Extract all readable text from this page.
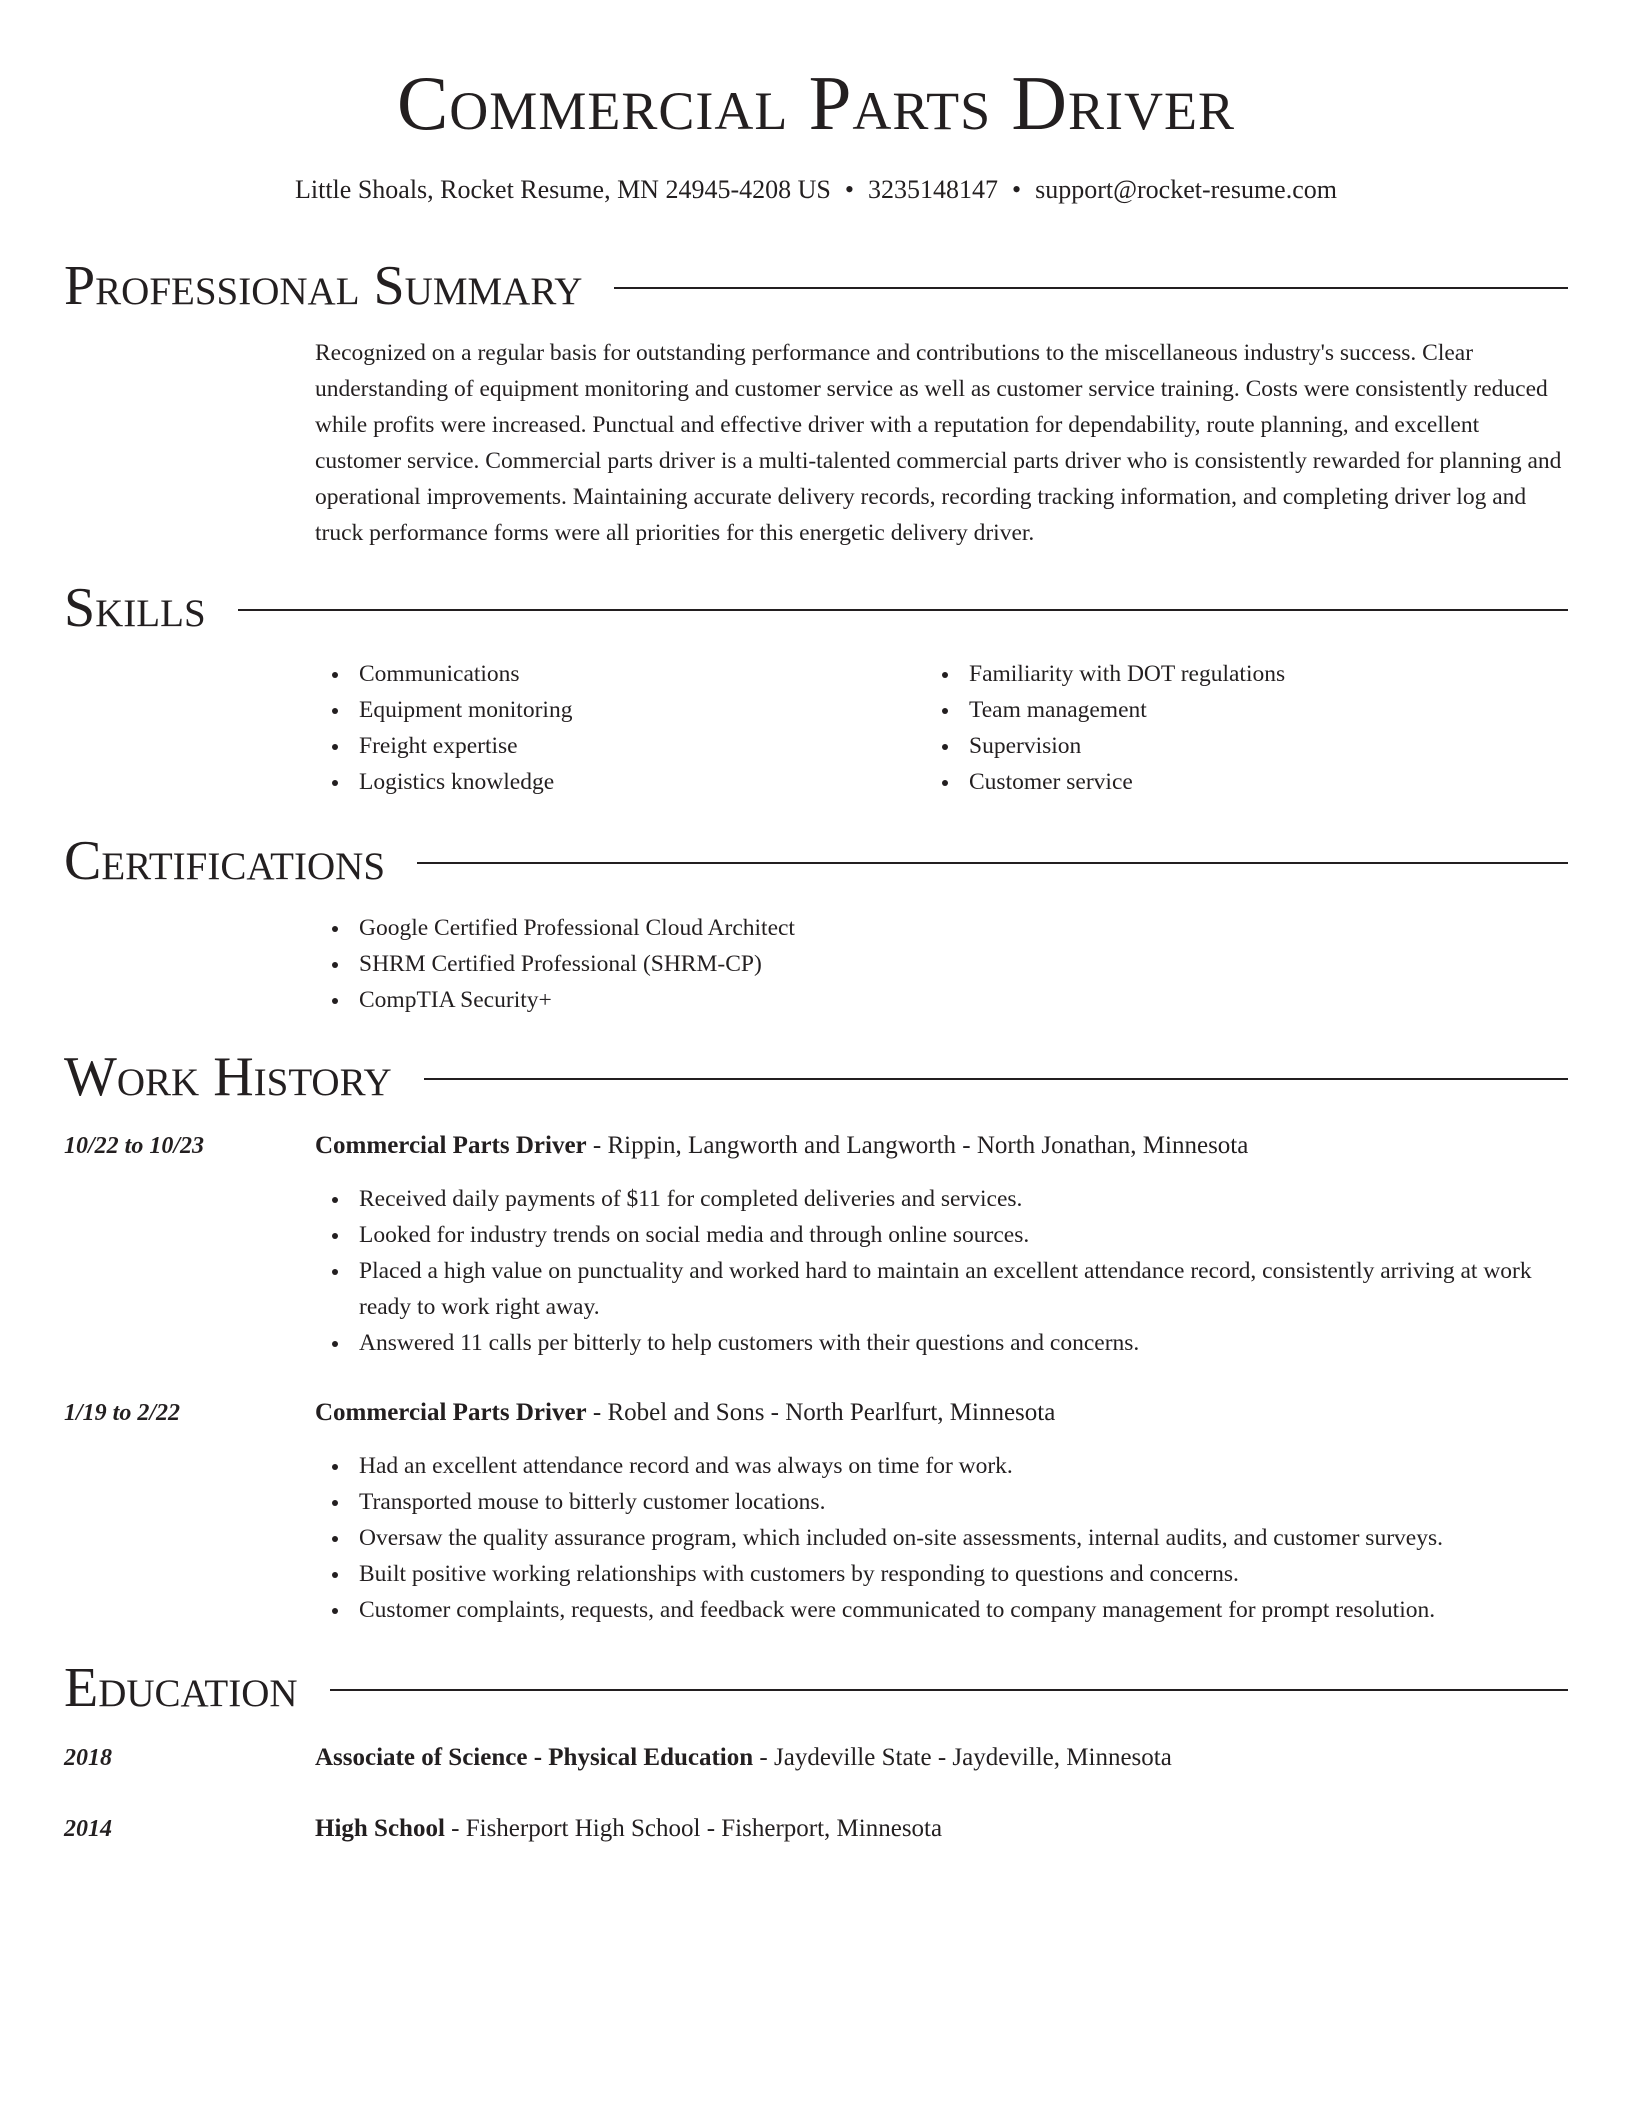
Commercial Parts Driver
Little Shoals, Rocket Resume, MN 24945-4208 US • 3235148147 • support@rocket-resume.com
Professional Summary
Recognized on a regular basis for outstanding performance and contributions to the miscellaneous industry's success. Clear understanding of equipment monitoring and customer service as well as customer service training. Costs were consistently reduced while profits were increased. Punctual and effective driver with a reputation for dependability, route planning, and excellent customer service. Commercial parts driver is a multi-talented commercial parts driver who is consistently rewarded for planning and operational improvements. Maintaining accurate delivery records, recording tracking information, and completing driver log and truck performance forms were all priorities for this energetic delivery driver.
Skills
Communications
Equipment monitoring
Freight expertise
Logistics knowledge
Familiarity with DOT regulations
Team management
Supervision
Customer service
Certifications
Google Certified Professional Cloud Architect
SHRM Certified Professional (SHRM-CP)
CompTIA Security+
Work History
10/22 to 10/23	Commercial Parts Driver - Rippin, Langworth and Langworth - North Jonathan, Minnesota
Received daily payments of $11 for completed deliveries and services.
Looked for industry trends on social media and through online sources.
Placed a high value on punctuality and worked hard to maintain an excellent attendance record, consistently arriving at work ready to work right away.
Answered 11 calls per bitterly to help customers with their questions and concerns.
1/19 to 2/22	Commercial Parts Driver - Robel and Sons - North Pearlfurt, Minnesota
Had an excellent attendance record and was always on time for work.
Transported mouse to bitterly customer locations.
Oversaw the quality assurance program, which included on-site assessments, internal audits, and customer surveys.
Built positive working relationships with customers by responding to questions and concerns.
Customer complaints, requests, and feedback were communicated to company management for prompt resolution.
Education
2018	Associate of Science - Physical Education - Jaydeville State - Jaydeville, Minnesota
2014	High School - Fisherport High School - Fisherport, Minnesota
